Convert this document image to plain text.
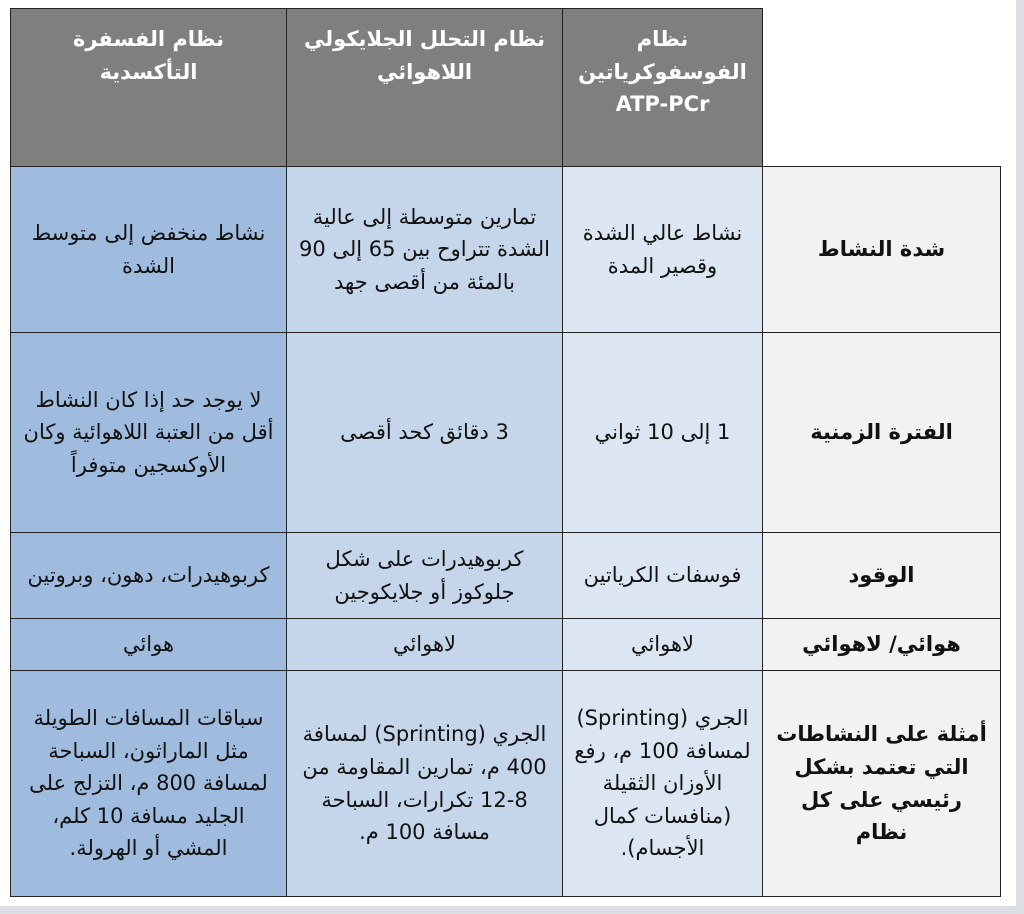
نظام الفسفرة التأكسدية	نظام التحلل الجلايكولي اللاهوائي	نظام
الفوسفوكرياتين
ATP-PCr	

نشاط منخفض إلى متوسط الشدة	تمارين متوسطة إلى عالية الشدة تتراوح بين 65 إلى 90 بالمئة من أقصى جهد	نشاط عالي الشدة وقصير المدة	شدة النشاط
لا يوجد حد إذا كان النشاط أقل من العتبة اللاهوائية وكان الأوكسجين متوفراً	3 دقائق كحد أقصى	1 إلى 10 ثواني	الفترة الزمنية
كربوهيدرات، دهون، وبروتين	كربوهيدرات على شكل جلوكوز أو جلايكوجين	فوسفات الكرياتين	الوقود
هوائي	لاهوائي	لاهوائي	هوائي/ لاهوائي
سباقات المسافات الطويلة مثل الماراثون، السباحة لمسافة 800 م، التزلج على الجليد مسافة 10 كلم، المشي أو الهرولة.	الجري (Sprinting) لمسافة 400 م، تمارين المقاومة من 8-12 تكرارات، السباحة مسافة 100 م.	الجري (Sprinting) لمسافة 100 م، رفع الأوزان الثقيلة (منافسات كمال الأجسام).	أمثلة على النشاطات التي تعتمد بشكل رئيسي على كل نظام
